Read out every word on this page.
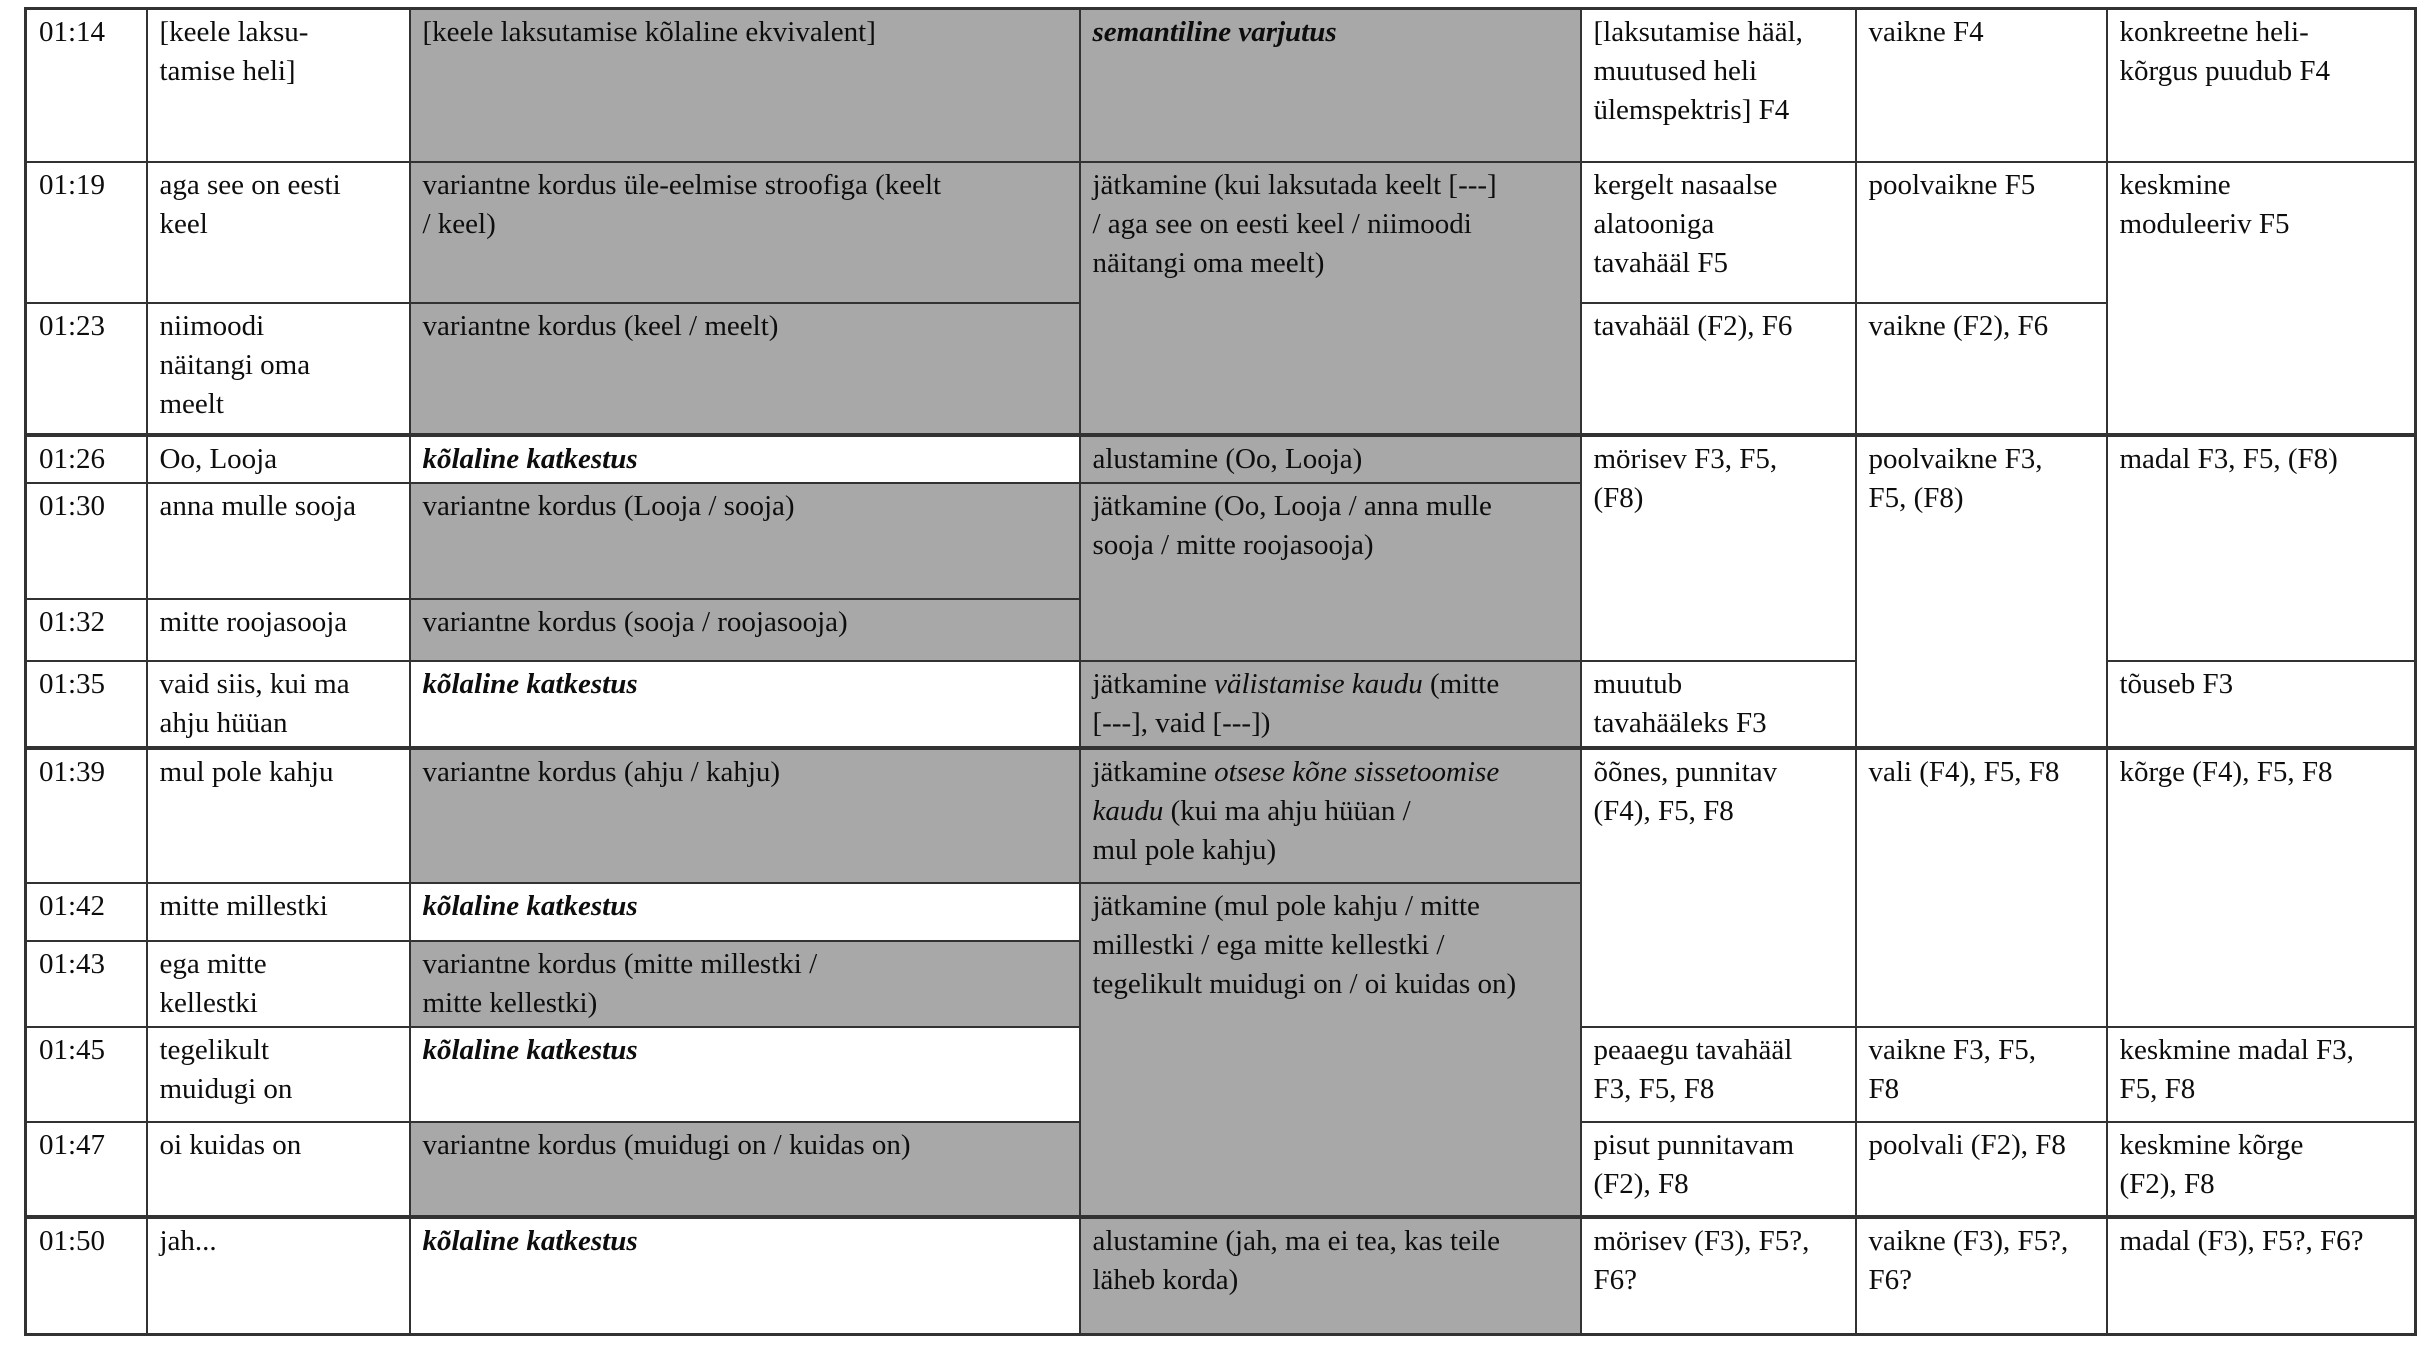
01:14	[keele laksu-
tamise heli]	[keele laksutamise kõlaline ekvivalent]	semantiline varjutus	[laksutamise hääl,
muutused heli
ülemspektris] F4	vaikne F4	konkreetne heli-
kõrgus puudub F4
01:19	aga see on eesti
keel	variantne kordus üle-eelmise stroofiga (keelt
/ keel)	jätkamine (kui laksutada keelt [---]
/ aga see on eesti keel / niimoodi
näitangi oma meelt)	kergelt nasaalse
alatooniga
tavahääl F5	poolvaikne F5	keskmine
moduleeriv F5
01:23	niimoodi
näitangi oma
meelt	variantne kordus (keel / meelt)		tavahääl (F2), F6	vaikne (F2), F6	
01:26	Oo, Looja	kõlaline katkestus	alustamine (Oo, Looja)	mörisev F3, F5,
(F8)	poolvaikne F3,
F5, (F8)	madal F3, F5, (F8)
01:30	anna mulle sooja	variantne kordus (Looja / sooja)	jätkamine (Oo, Looja / anna mulle
sooja / mitte roojasooja)			
01:32	mitte roojasooja	variantne kordus (sooja / roojasooja)				
01:35	vaid siis, kui ma
ahju hüüan	kõlaline katkestus	jätkamine välistamise kaudu (mitte
[---], vaid [---])	muutub
tavahääleks F3		tõuseb F3
01:39	mul pole kahju	variantne kordus (ahju / kahju)	jätkamine otsese kõne sissetoomise
kaudu (kui ma ahju hüüan /
mul pole kahju)	õõnes, punnitav
(F4), F5, F8	vali (F4), F5, F8	kõrge (F4), F5, F8
01:42	mitte millestki	kõlaline katkestus	jätkamine (mul pole kahju / mitte
millestki / ega mitte kellestki /
tegelikult muidugi on / oi kuidas on)			
01:43	ega mitte
kellestki	variantne kordus (mitte millestki /
mitte kellestki)				
01:45	tegelikult
muidugi on	kõlaline katkestus		peaaegu tavahääl
F3, F5, F8	vaikne F3, F5,
F8	keskmine madal F3,
F5, F8
01:47	oi kuidas on	variantne kordus (muidugi on / kuidas on)		pisut punnitavam
(F2), F8	poolvali (F2), F8	keskmine kõrge
(F2), F8
01:50	jah...	kõlaline katkestus	alustamine (jah, ma ei tea, kas teile
läheb korda)	mörisev (F3), F5?,
F6?	vaikne (F3), F5?,
F6?	madal (F3), F5?, F6?
